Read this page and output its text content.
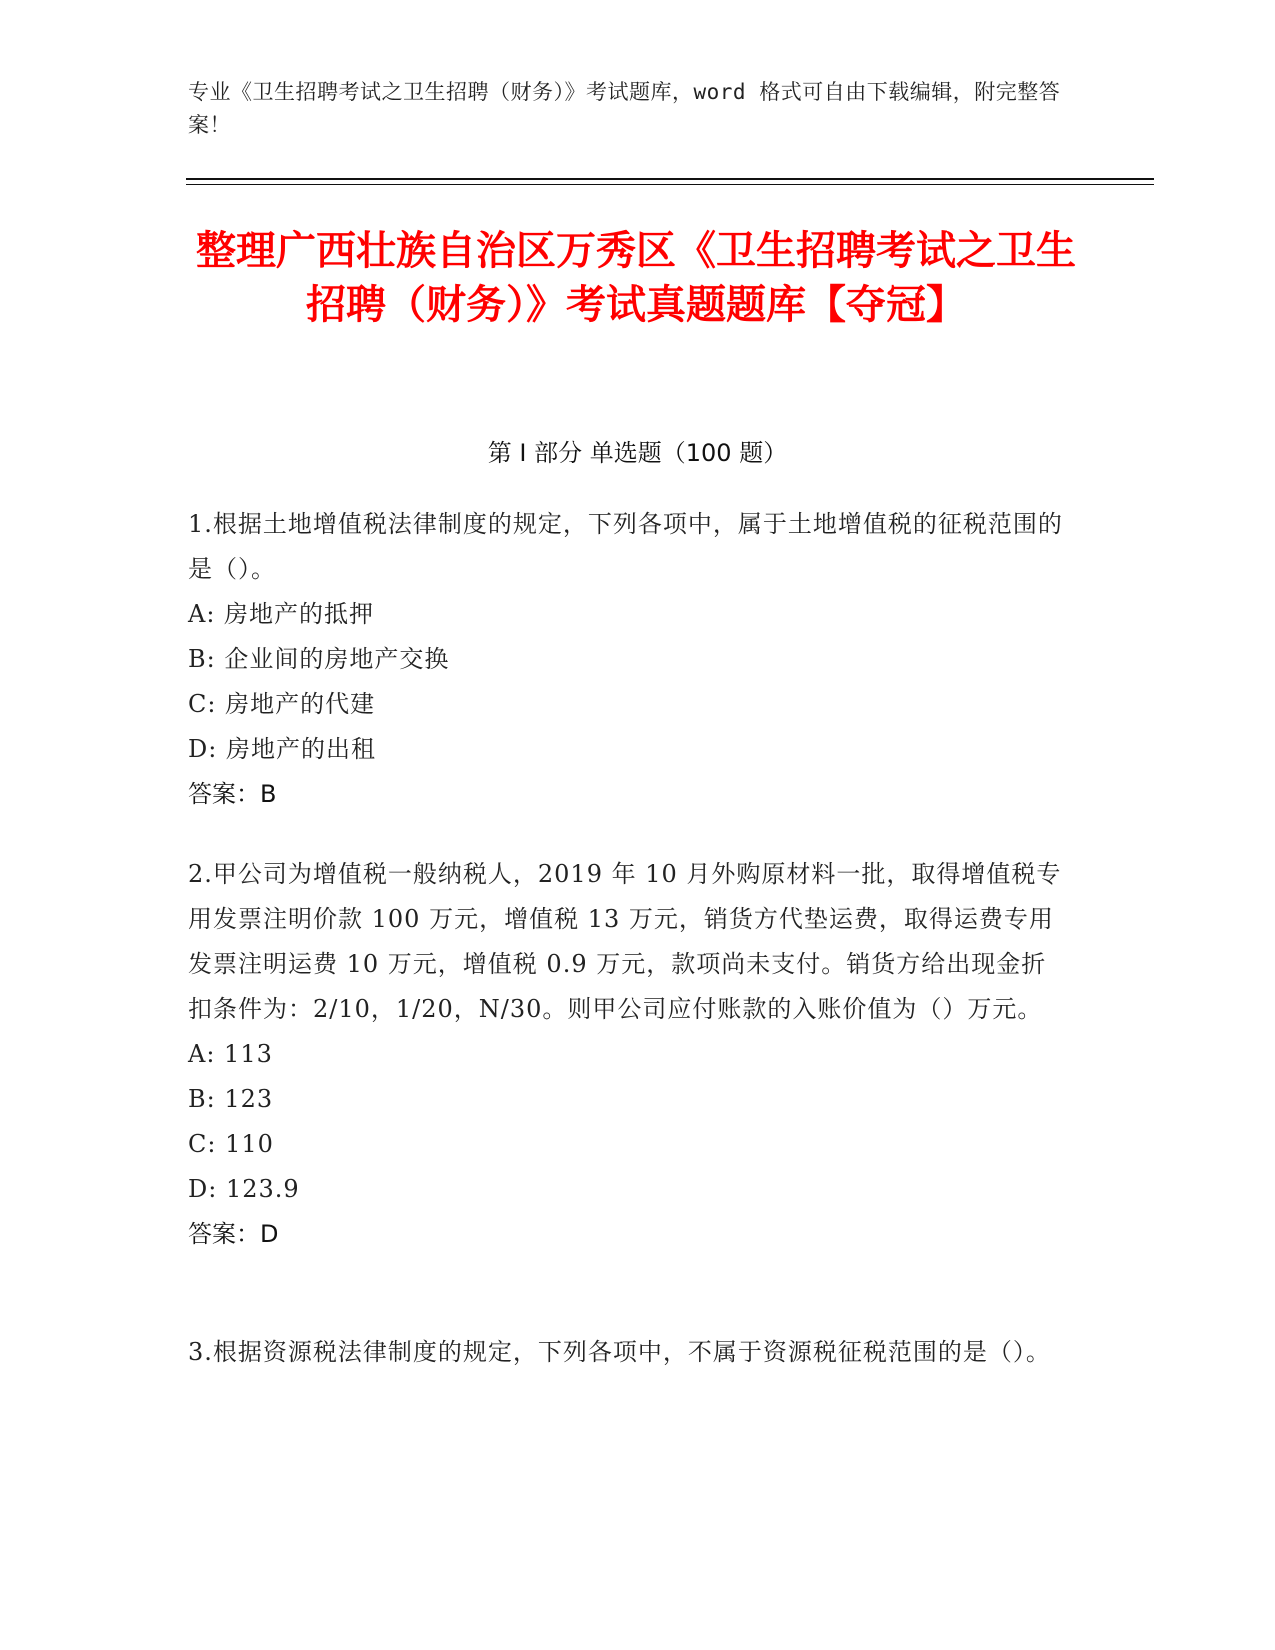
专业《卫生招聘考试之卫生招聘（财务）》考试题库，word 格式可自由下载编辑，附完整答案！

整理广西壮族自治区万秀区《卫生招聘考试之卫生招聘（财务）》考试真题题库【夺冠】
第 I 部分 单选题（100 题）

1.根据土地增值税法律制度的规定，下列各项中，属于土地增值税的征税范围的是（）。

A: 房地产的抵押

B: 企业间的房地产交换

C: 房地产的代建

D: 房地产的出租

答案：B

2.甲公司为增值税一般纳税人，2019 年 10 月外购原材料一批，取得增值税专用发票注明价款 100 万元，增值税 13 万元，销货方代垫运费，取得运费专用发票注明运费 10 万元，增值税 0.9 万元，款项尚未支付。销货方给出现金折扣条件为：2/10，1/20，N/30。则甲公司应付账款的入账价值为（）万元。

A: 113

B: 123

C: 110

D: 123.9

答案：D

3.根据资源税法律制度的规定，下列各项中，不属于资源税征税范围的是（）。
